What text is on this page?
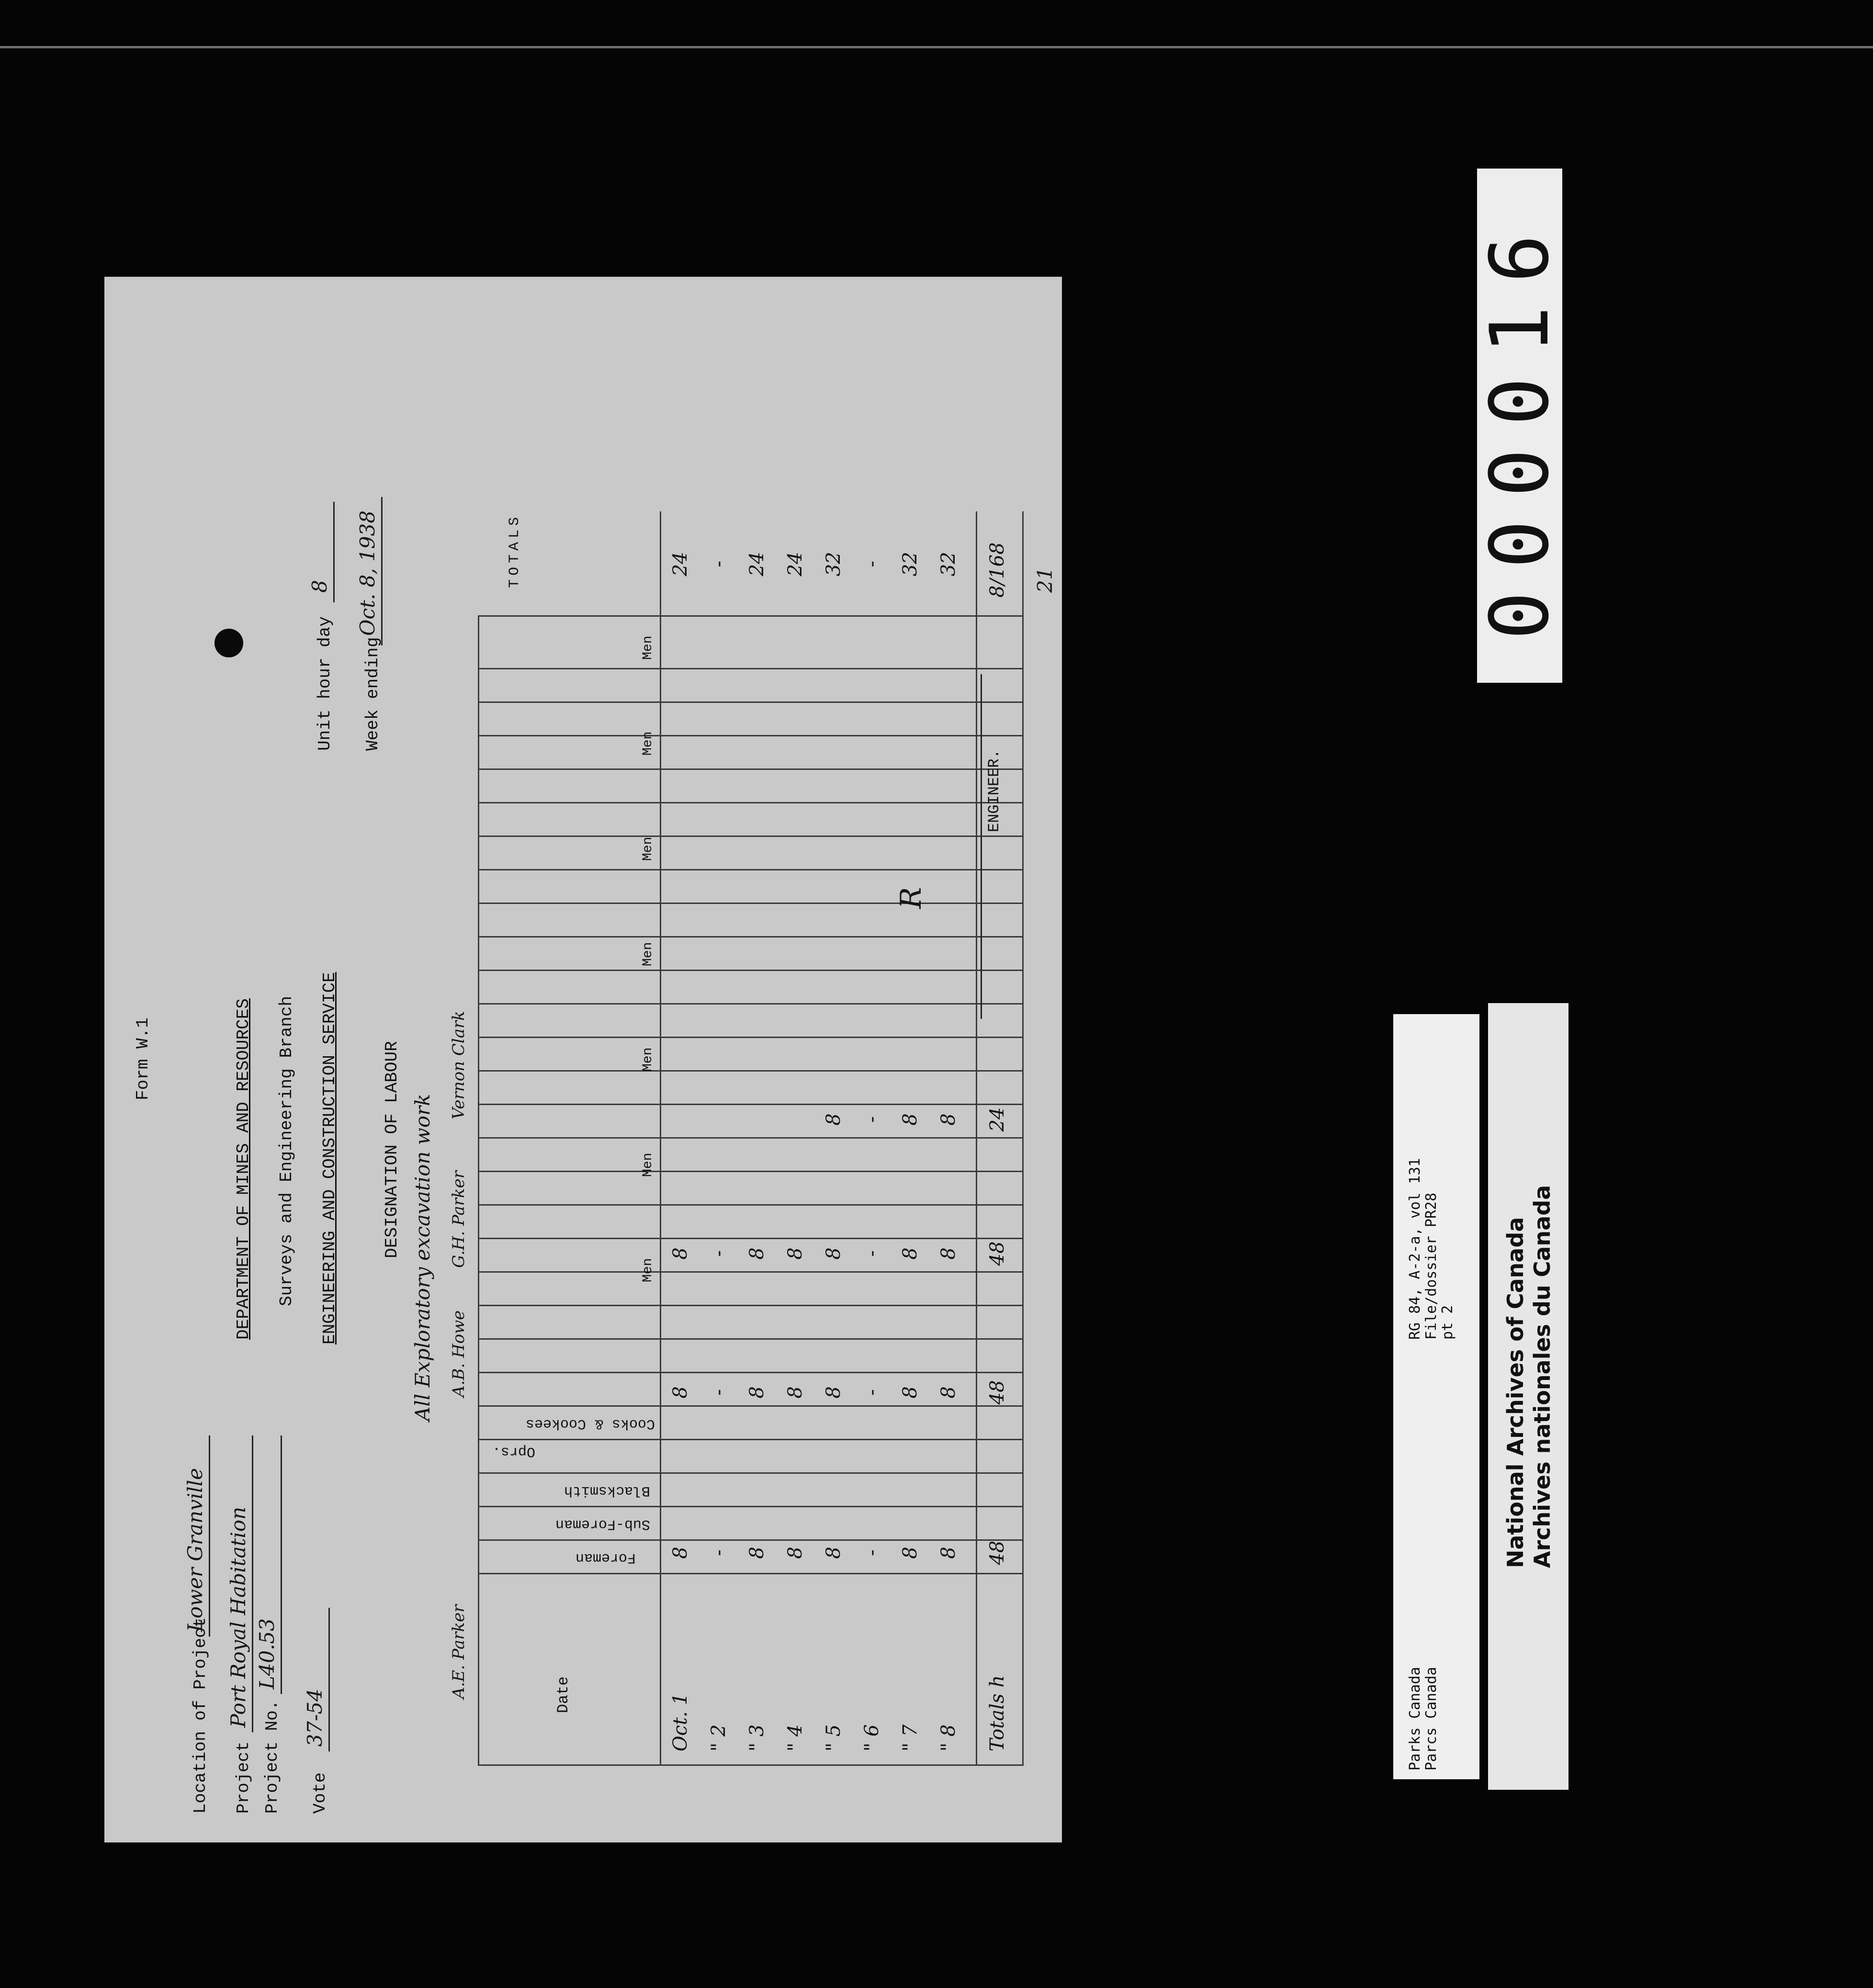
Form W.1
Location of Project
Lower Granville
Project
Port Royal Habitation
Project No.
L40.53
Vote
37-54
DEPARTMENT OF MINES AND RESOURCES Surveys and Engineering Branch ENGINEERING AND CONSTRUCTION SERVICE DESIGNATION OF LABOUR
Unit hour day
8
Week ending
Oct. 8, 1938
All Exploratory excavation work
Date
Foreman
Sub-Foreman
Blacksmith
Oprs.
Cooks & Cookees
A.E. Parker
A.B. Howe
G.H. Parker
Vernon Clark
Men
Men
Men
Men
Men
Men
Men
TOTALS
Oct. 1
8
8
8
24
" 2
-
-
-
-
" 3
8
8
8
24
" 4
8
8
8
24
" 5
8
8
8
8
32
" 6
-
-
-
-
-
" 7
8
8
8
8
32
" 8
8
8
8
8
32
Totals h
48
48
48
24
8/168 21
R
ENGINEER.
000016
Parks Canada Parcs Canada
RG 84, A-2-a, vol 131 File/dossier PR28 pt 2 National Archives of Canada Archives nationales du Canada
